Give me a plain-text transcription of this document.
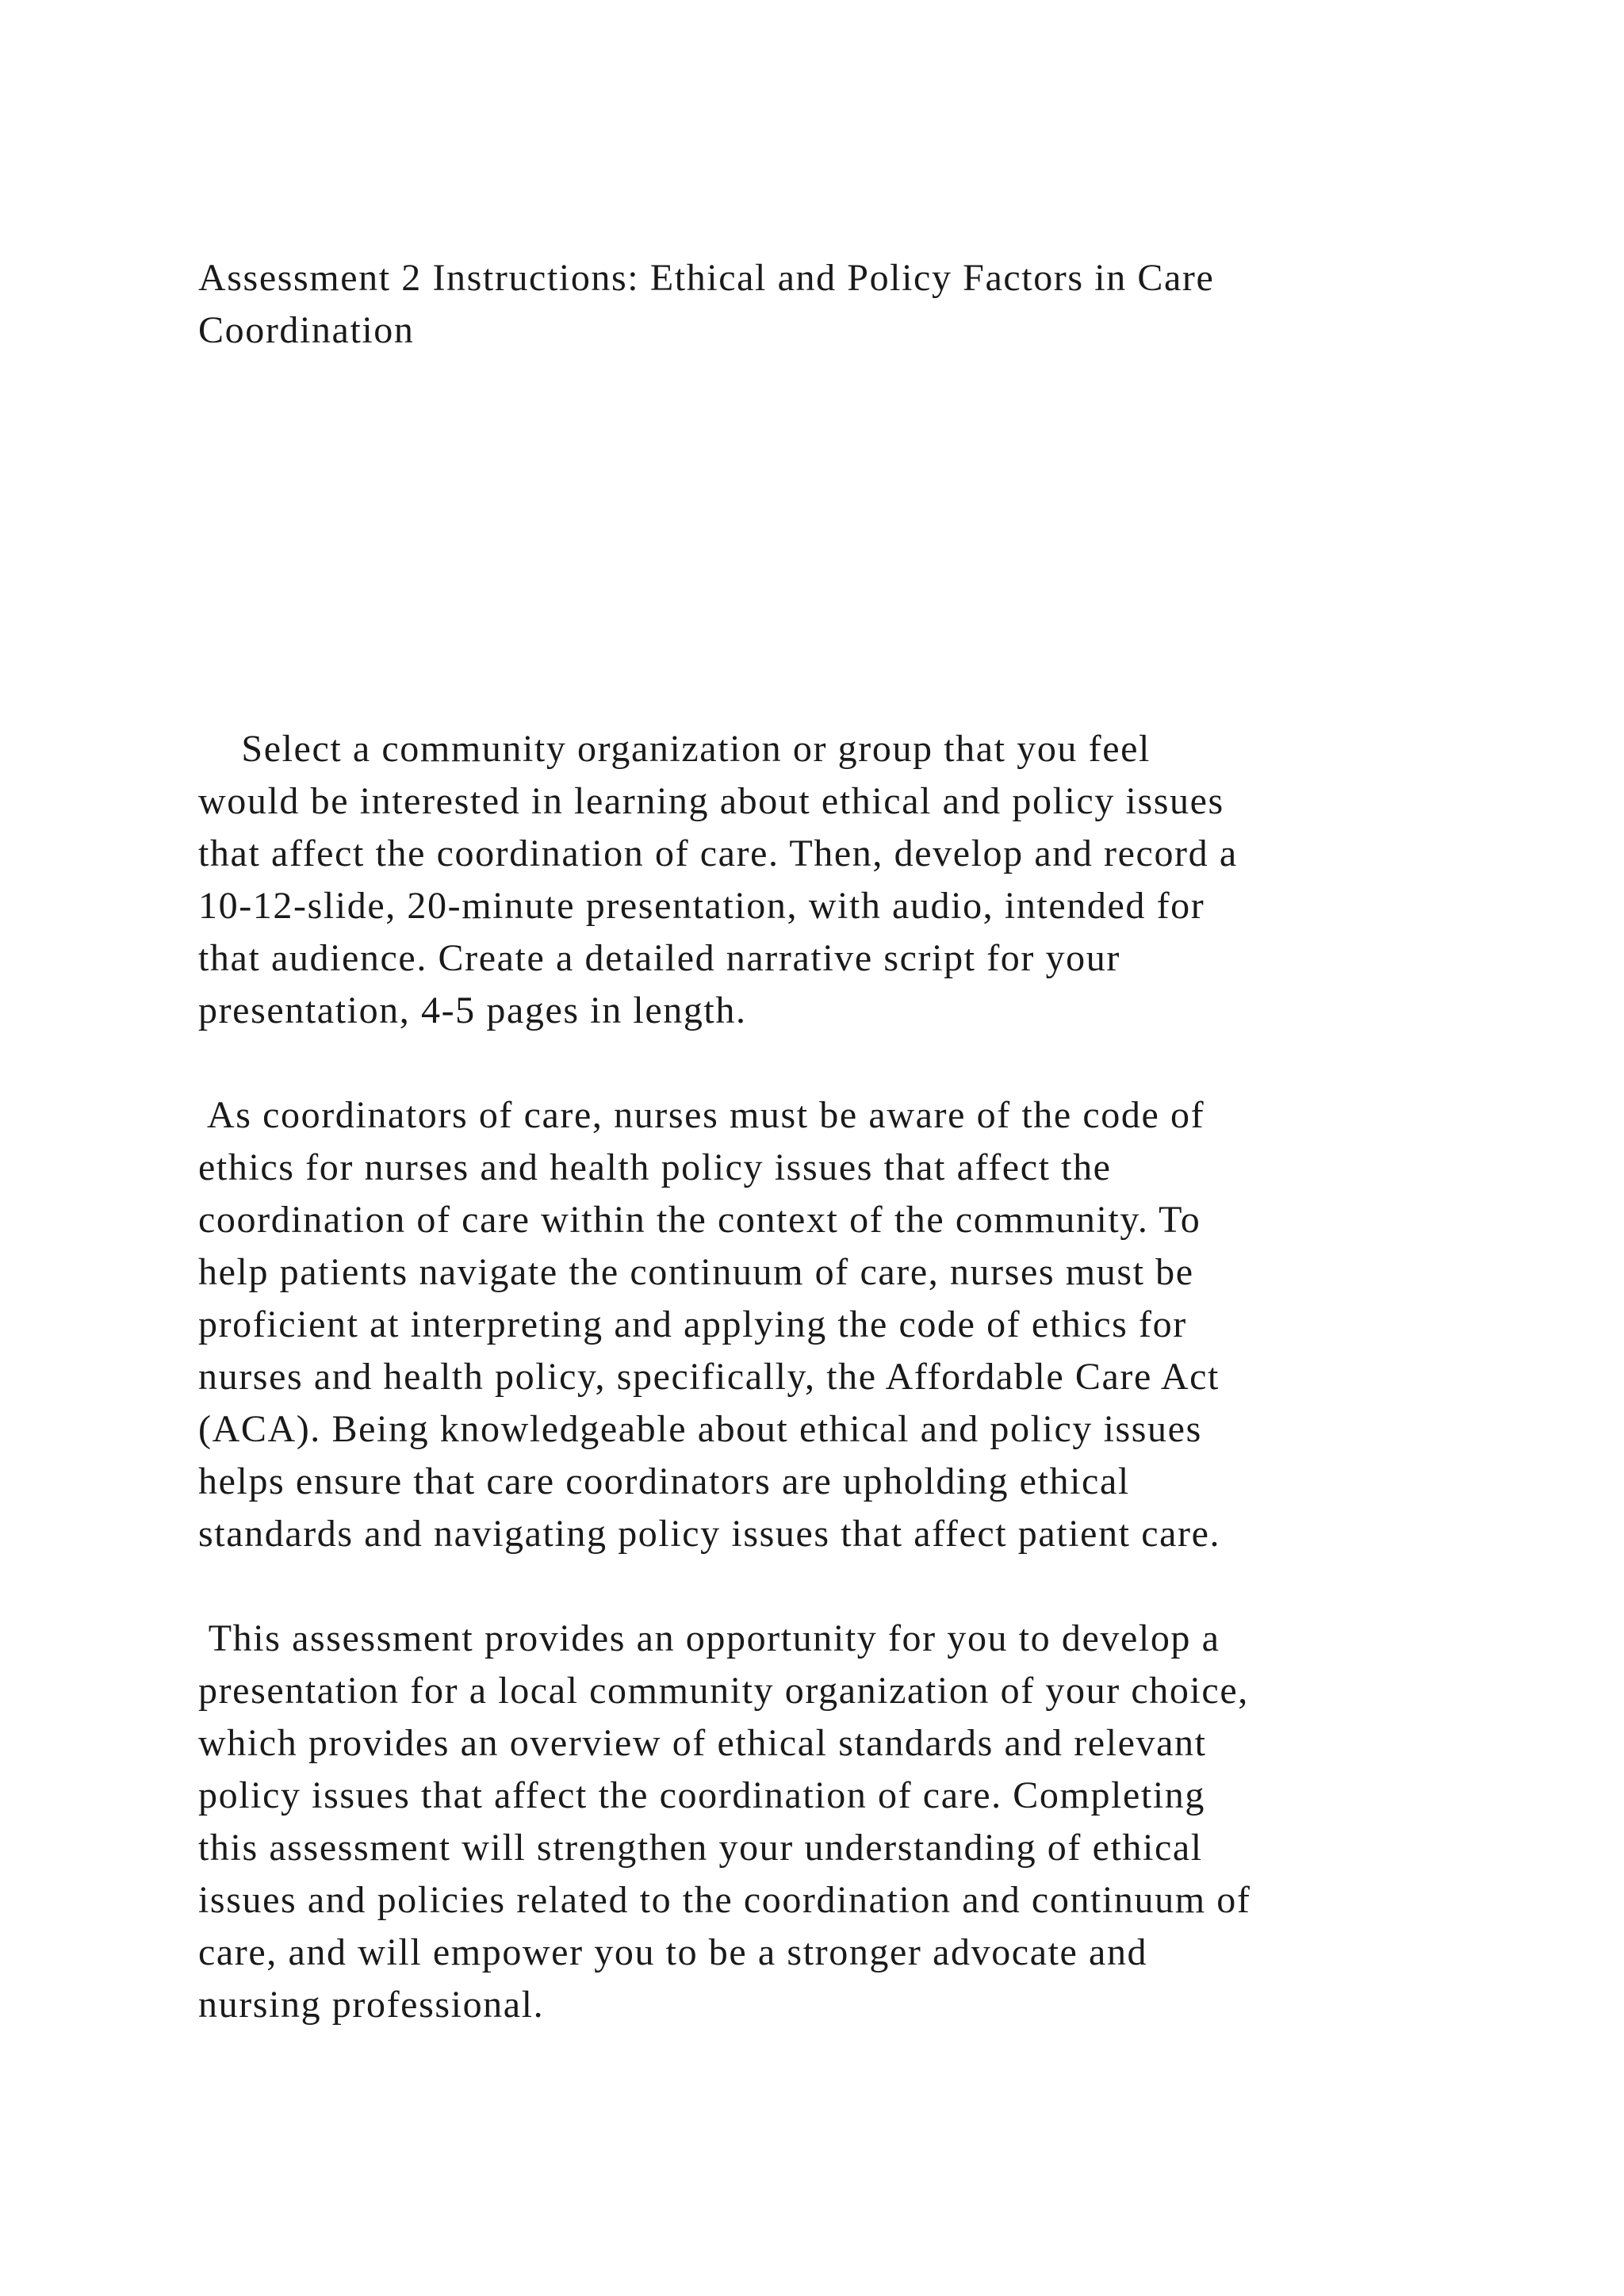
Assessment 2 Instructions: Ethical and Policy Factors in Care

Coordination

Select a community organization or group that you feel

would be interested in learning about ethical and policy issues

that affect the coordination of care. Then, develop and record a

10-12-slide, 20-minute presentation, with audio, intended for

that audience. Create a detailed narrative script for your

presentation, 4-5 pages in length.

As coordinators of care, nurses must be aware of the code of

ethics for nurses and health policy issues that affect the

coordination of care within the context of the community. To

help patients navigate the continuum of care, nurses must be

proficient at interpreting and applying the code of ethics for

nurses and health policy, specifically, the Affordable Care Act

(ACA). Being knowledgeable about ethical and policy issues

helps ensure that care coordinators are upholding ethical

standards and navigating policy issues that affect patient care.

This assessment provides an opportunity for you to develop a

presentation for a local community organization of your choice,

which provides an overview of ethical standards and relevant

policy issues that affect the coordination of care. Completing

this assessment will strengthen your understanding of ethical

issues and policies related to the coordination and continuum of

care, and will empower you to be a stronger advocate and

nursing professional.
